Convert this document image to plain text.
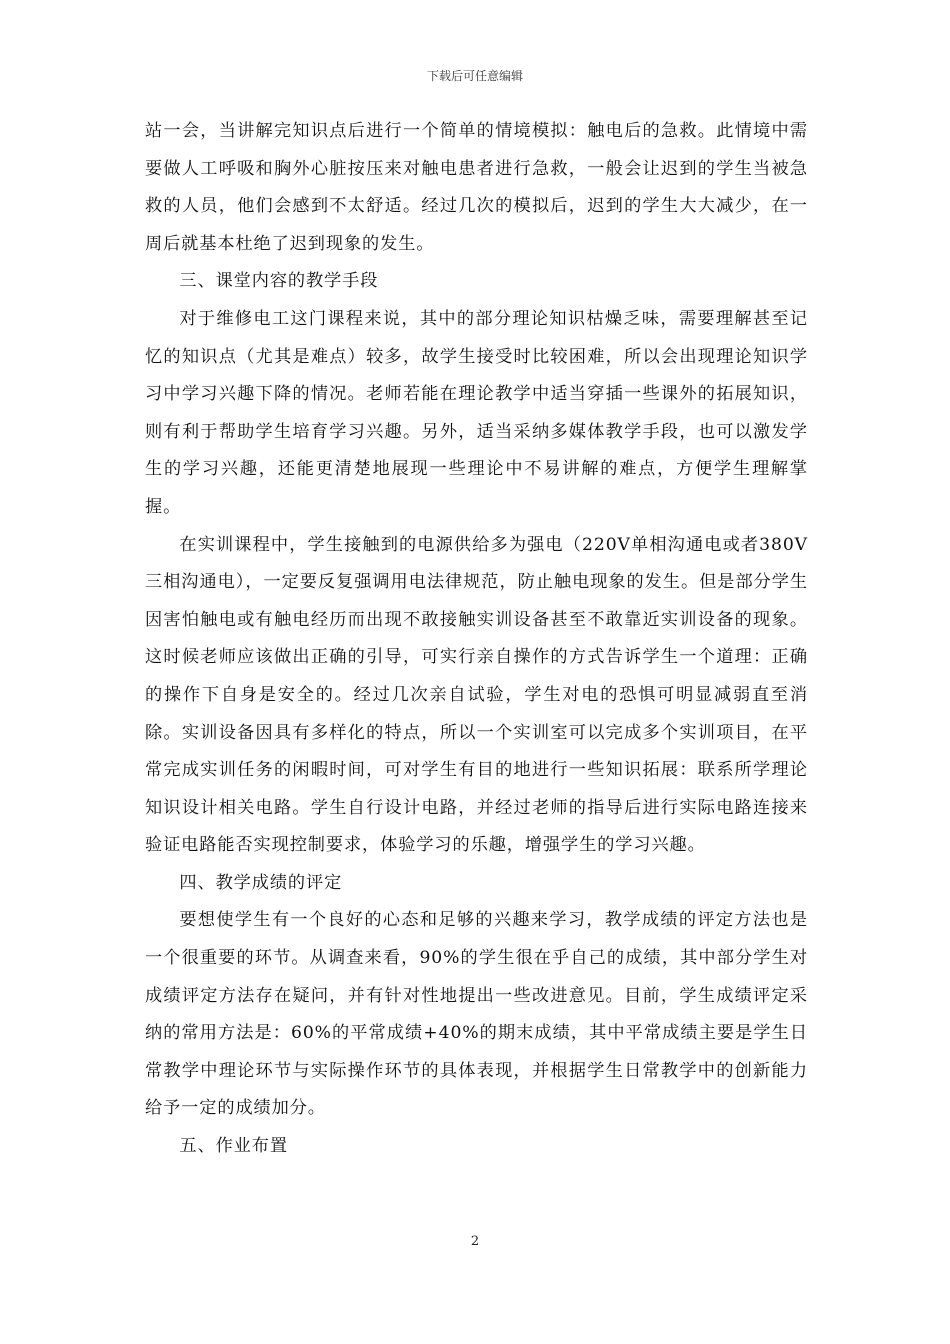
下载后可任意编辑

站一会，当讲解完知识点后进行一个简单的情境模拟：触电后的急救。此情境中需要做人工呼吸和胸外心脏按压来对触电患者进行急救，一般会让迟到的学生当被急救的人员，他们会感到不太舒适。经过几次的模拟后，迟到的学生大大减少，在一周后就基本杜绝了迟到现象的发生。

三、课堂内容的教学手段

对于维修电工这门课程来说，其中的部分理论知识枯燥乏味，需要理解甚至记忆的知识点（尤其是难点）较多，故学生接受时比较困难，所以会出现理论知识学习中学习兴趣下降的情况。老师若能在理论教学中适当穿插一些课外的拓展知识，则有利于帮助学生培育学习兴趣。另外，适当采纳多媒体教学手段，也可以激发学生的学习兴趣，还能更清楚地展现一些理论中不易讲解的难点，方便学生理解掌握。

在实训课程中，学生接触到的电源供给多为强电（220V单相沟通电或者380V三相沟通电），一定要反复强调用电法律规范，防止触电现象的发生。但是部分学生因害怕触电或有触电经历而出现不敢接触实训设备甚至不敢靠近实训设备的现象。这时候老师应该做出正确的引导，可实行亲自操作的方式告诉学生一个道理：正确的操作下自身是安全的。经过几次亲自试验，学生对电的恐惧可明显减弱直至消除。实训设备因具有多样化的特点，所以一个实训室可以完成多个实训项目，在平常完成实训任务的闲暇时间，可对学生有目的地进行一些知识拓展：联系所学理论知识设计相关电路。学生自行设计电路，并经过老师的指导后进行实际电路连接来验证电路能否实现控制要求，体验学习的乐趣，增强学生的学习兴趣。

四、教学成绩的评定

要想使学生有一个良好的心态和足够的兴趣来学习，教学成绩的评定方法也是一个很重要的环节。从调查来看，90%的学生很在乎自己的成绩，其中部分学生对成绩评定方法存在疑问，并有针对性地提出一些改进意见。目前，学生成绩评定采纳的常用方法是：60%的平常成绩+40%的期末成绩，其中平常成绩主要是学生日常教学中理论环节与实际操作环节的具体表现，并根据学生日常教学中的创新能力给予一定的成绩加分。

五、作业布置

2
